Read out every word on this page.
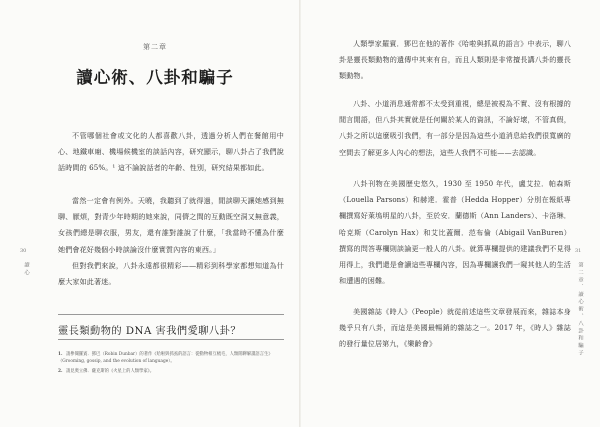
第二章
讀心術、八卦和騙子
不管哪個社會或文化的人都喜歡八卦，透過分析人們在餐館用中心、地鐵車廂、機場候機室的談話內容，研究顯示，聊八卦占了我們說話時間的 65%。¹ 這不論說話者的年齡、性別，研究結果都如此。
當然一定會有例外。天曉，我聽到了就得過，閒談聊天讓她感到無聊、厭煩，對青少年時期的她來說，同儕之間的互動既空洞又無意義，女孩們總是聊衣服，男友，還有誰對誰說了什麼，「我當時不懂為什麼她們會花好幾個小時談論沒什麼實質內容的東西。」
但對我們來說，八卦永遠都很精彩——精彩到科學家都想知道為什麼大家如此著迷。
靈長類動物的 DNA 害我們愛聊八卦？
1. 請參閱羅賓．鄧巴（Robin Dunbar）的著作《哈啦與抓虱的語言：從動物相互梳毛，人類閒聊解讀語言生》（Grooming, gossip, and the evolution of language）。
2. 請見奧立佛．薩克斯的《火星上的人類學家》。
30
讀心
人類學家羅賓．鄧巴在他的著作《哈啦與抓虱的語言》中表示，聊八卦是靈長類動物的遺傳中其來有自，而且人類則是非常擅長講八卦的靈長類動物。
八卦、小道消息通常都不太受到重視，總是被視為不實、沒有根據的閒言閒語，但八卦其實就是任何關於某人的資訊，不論好壞，不管真假，八卦之所以這麼吸引我們，有一部分是因為這些小道消息給我們很寬廣的空間去了解更多人內心的想法，這些人我們不可能——去認識。
八卦刊物在美國歷史悠久，1930 至 1950 年代，盧艾拉．帕森斯（Louella Parsons）和赫達．霍普（Hedda Hopper）分別在報紙專欄撰寫好萊塢明星的八卦，至於安．蘭德斯（Ann Landers）、卡洛琳．哈克斯（Carolyn Hax）和艾比蓋爾．范布倫（Abigail VanBuren）撰寫的問答專欄則談論更一般人的八卦。就算專欄提供的建議我們不見得用得上，我們還是會讀這些專欄內容，因為專欄讓我們一窺其他人的生活和遭遇的困難。
美國雜誌《時人》（People）就從前述這些文章發展而來，雜誌本身幾乎只有八卦，而這是美國最暢銷的雜誌之一。2017 年，《時人》雜誌的發行量位居第九，《樂齡會》
31
第二章．讀心術、八卦和騙子
